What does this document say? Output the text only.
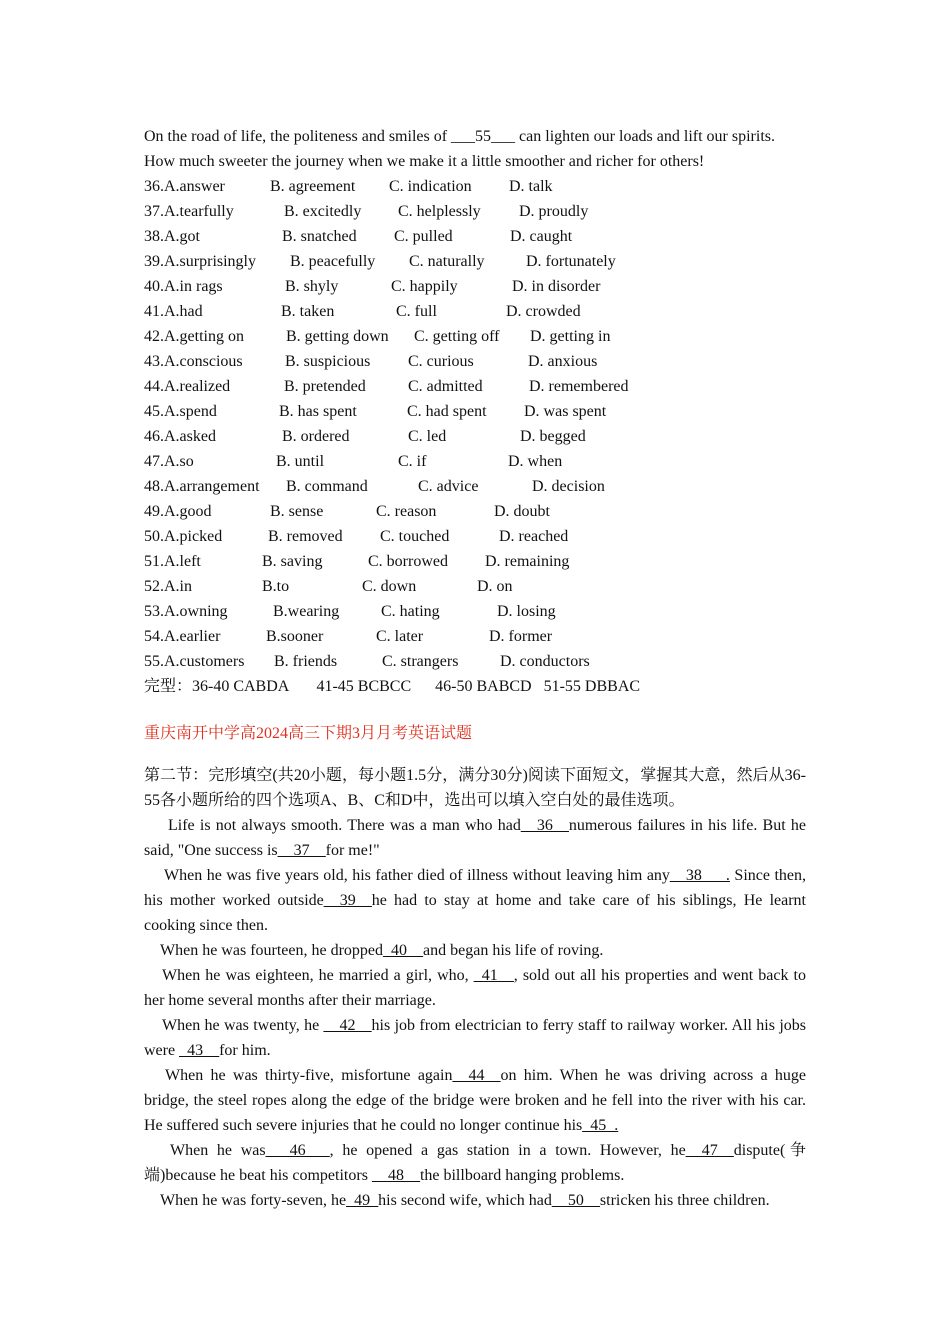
On the road of life, the politeness and smiles of ___55___ can lighten our loads and lift our spirits.
How much sweeter the journey when we make it a little smoother and richer for others!
36.A.answer	B. agreement C. indication D. talk
37.A.tearfully	B. excitedly C. helplessly D. proudly
38.A.got	B. snatched C. pulled	D. caught
39.A.surprisingly B. peacefully C. naturally	D. fortunately
40.A.in rags	B. shyly	C. happily	D. in disorder
41.A.had	B. taken	C. full	D. crowded
42.A.getting on	B. getting down C. getting off D. getting in
43.A.conscious	B. suspicious C. curious	D. anxious
44.A.realized	B. pretended	C. admitted	D. remembered
45.A.spend	B. has spent	C. had spent D. was spent
46.A.asked	B. ordered	C. led	D. begged
47.A.so	B. until	C. if	D. when
48.A.arrangement B. command	C. advice	D. decision
49.A.good	B. sense	C. reason	D. doubt
50.A.picked	B. removed C. touched	D. reached
51.A.left	B. saving	C. borrowed D. remaining
52.A.in	B.to	C. down	D. on
53.A.owning	B.wearing	C. hating	D. losing
54.A.earlier	B.sooner	C. later	D. former
55.A.customers B. friends	C. strangers	D. conductors
完型：36-40 CABDA       41-45 BCBCC      46-50 BABCD   51-55 DBBAC
重庆南开中学高2024高三下期3月月考英语试题
第二节：完形填空(共20小题，每小题1.5分，满分30分)阅读下面短文，掌握其大意，然后从36-55各小题所给的四个选项A、B、C和D中，选出可以填入空白处的最佳选项。
Life is not always smooth. There was a man who had__36__numerous failures in his life. But he said, "One success is__37__for me!"
When he was five years old, his father died of illness without leaving him any__38___. Since then, his mother worked outside__39__he had to stay at home and take care of his siblings, He learnt cooking since then.
When he was fourteen, he dropped_40__and began his life of roving.
When he was eighteen, he married a girl, who, _41__, sold out all his properties and went back to her home several months after their marriage.
When he was twenty, he __42__his job from electrician to ferry staff to railway worker. All his jobs were _43__for him.
When he was thirty-five, misfortune again__44__on him. When he was driving across a huge bridge, the steel ropes along the edge of the bridge were broken and he fell into the river with his car. He suffered such severe injuries that he could no longer continue his_45_.
When he was___46___, he opened a gas station in a town. However, he__47__dispute(争端)because he beat his competitors __48__the billboard hanging problems.
When he was forty-seven, he_49_his second wife, which had__50__stricken his three children.
